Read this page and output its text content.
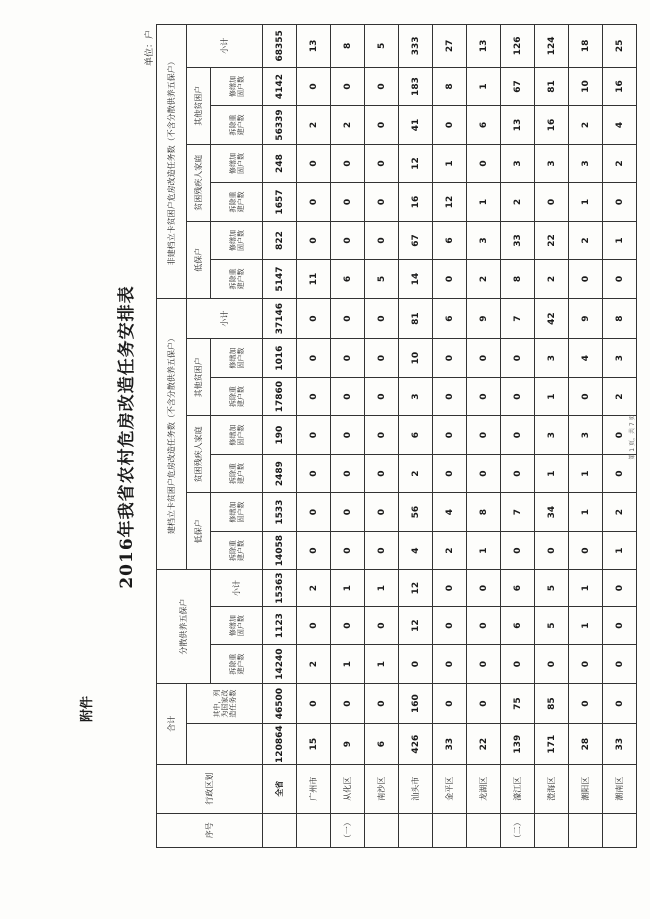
附件
2016年我省农村危房改造任务安排表
单位：户
序号	行政区划	合计		分散供养五保户			建档立卡贫困户危房改造任务数（不含分散供养五保户）							非建档立卡贫困户危房改造任务数（不含分散供养五保户）						
			其中，列为国家改造任务数				低保户		贫困残疾人家庭		其他贫困户		小计	低保户		贫困残疾人家庭		其他贫困户		小计
				拆除重建户数	修缮加固户数	小计	拆除重建户数	修缮加固户数	拆除重建户数	修缮加固户数	拆除重建户数	修缮加固户数		拆除重建户数	修缮加固户数	拆除重建户数	修缮加固户数	拆除重建户数	修缮加固户数	
	全省	120864	46500	14240	1123	15363	14058	1533	2489	190	17860	1016	37146	5147	822	1657	248	56339	4142	68355
	广州市	15	0	2	0	2	0	0	0	0	0	0	0	11	0	0	0	2	0	13
（一）	从化区	9	0	1	0	1	0	0	0	0	0	0	0	6	0	0	0	2	0	8
	南沙区	6	0	1	0	1	0	0	0	0	0	0	0	5	0	0	0	0	0	5
	汕头市	426	160	0	12	12	4	56	2	6	3	10	81	14	67	16	12	41	183	333
	金平区	33	0	0	0	0	2	4	0	0	0	0	6	0	6	12	1	0	8	27
	龙湖区	22	0	0	0	0	1	8	0	0	0	0	9	2	3	1	0	6	1	13
（二）	濠江区	139	75	0	6	6	0	7	0	0	0	0	7	8	33	2	3	13	67	126
	澄海区	171	85	0	5	5	0	34	1	3	1	3	42	2	22	0	3	16	81	124
	潮阳区	28	0	0	1	1	0	1	1	3	0	4	9	0	2	1	3	2	10	18
	潮南区	33	0	0	0	0	1	2	0	0	2	3	8	0	1	0	2	4	16	25
第 1 页，共 7 页
